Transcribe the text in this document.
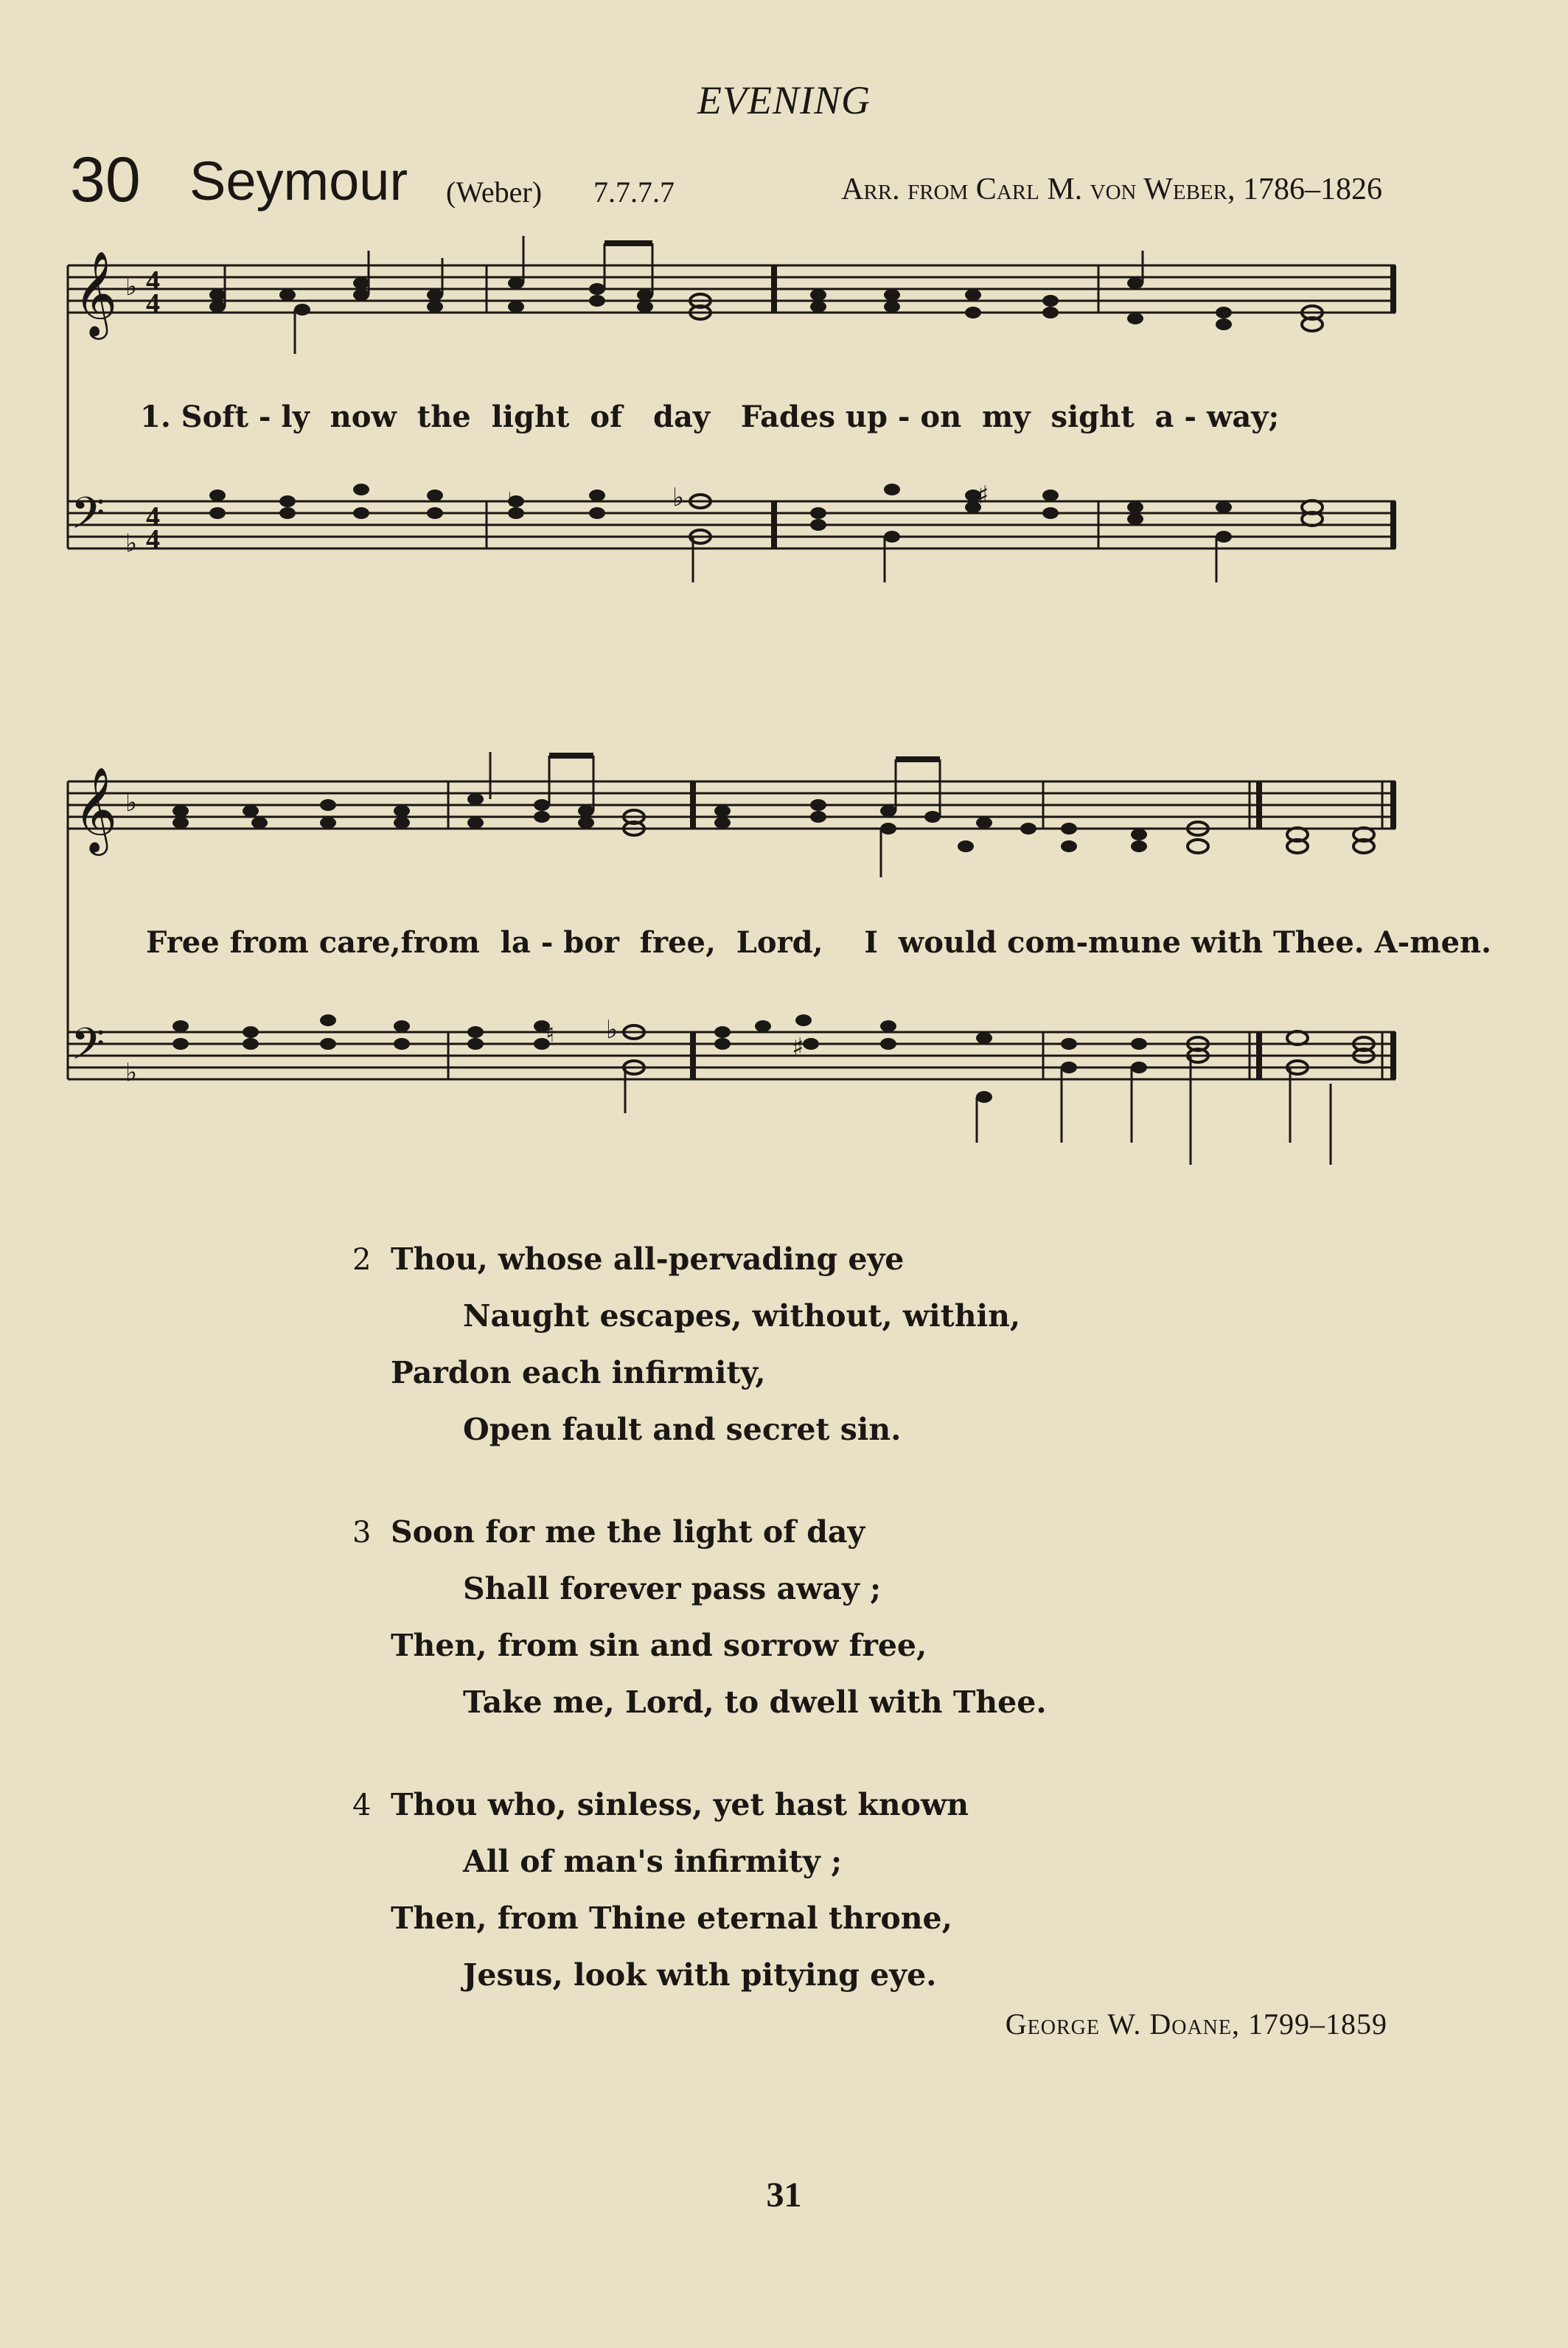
EVENING
30 Seymour (Weber) 7.7.7.7	Arr. from Carl M. von Weber, 1786–1826
𝄞 ♭ 4
4
𝄢 ♭
4
4
♯
♮	♭
1. Soft - ly  now  the  light  of   day   Fades up - on  my  sight  a - way;
𝄞 ♭
𝄢 ♭
♮ ♭
♯
Free from care,from  la - bor  free,  Lord,    I  would com-mune with Thee. A-men.
2 Thou, whose all-pervading eye
Naught escapes, without, within,
Pardon each infirmity,
Open fault and secret sin.
3 Soon for me the light of day
Shall forever pass away ;
Then, from sin and sorrow free,
Take me, Lord, to dwell with Thee.
4 Thou who, sinless, yet hast known
All of man's infirmity ;
Then, from Thine eternal throne,
Jesus, look with pitying eye.
George W. Doane, 1799–1859
31
